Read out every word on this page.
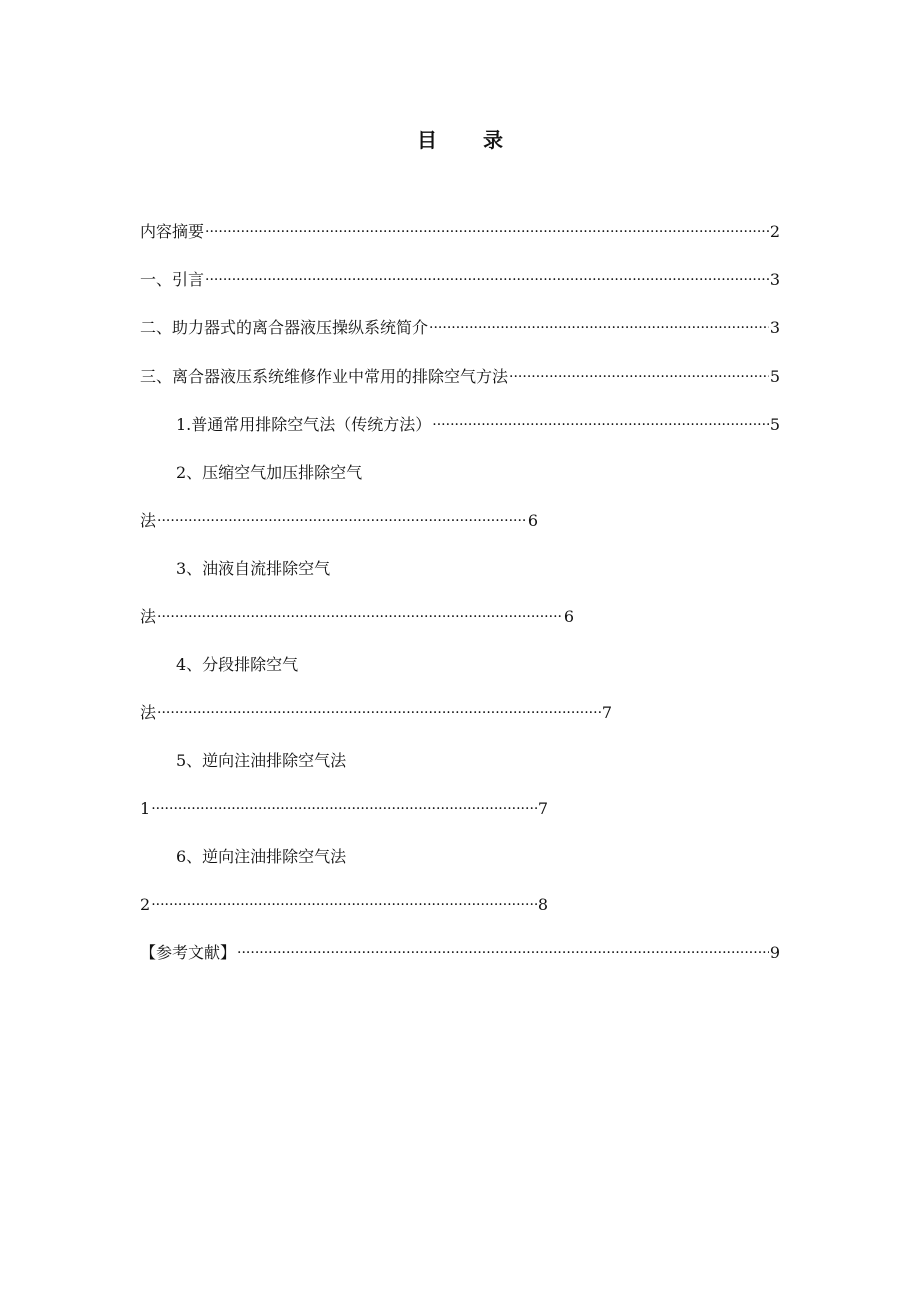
目 录
内容摘要 ·····	2
一、引言 ·····	3
二、助力器式的离合器液压操纵系统简介 ·····	3
三、离合器液压系统维修作业中常用的排除空气方法 ·····	5
1.普通常用排除空气法（传统方法） ·····	5
2、压缩空气加压排除空气
法 ·····	6
3、油液自流排除空气
法 ·····	6
4、分段排除空气
法 ·····	7
5、逆向注油排除空气法
1 ·····	7
6、逆向注油排除空气法
2 ·····	8
【参考文献】 ·····	9
